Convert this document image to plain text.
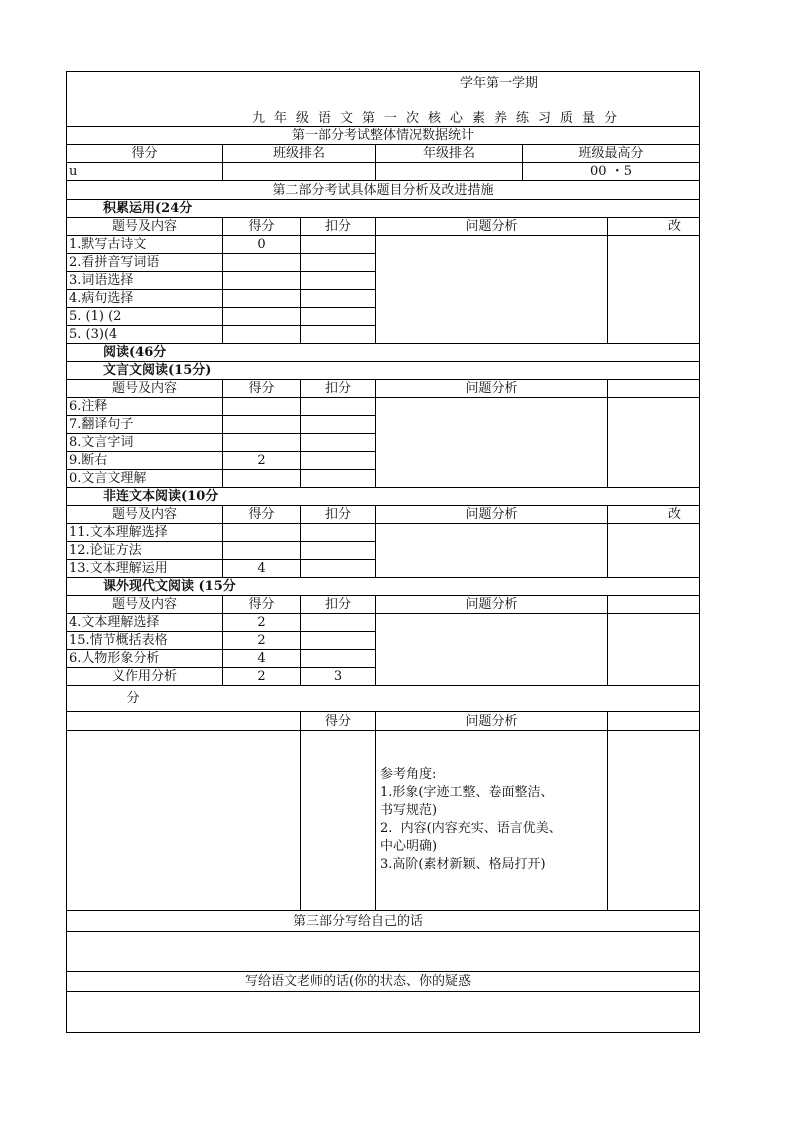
写给语文老师的话(你的状态、你的疑惑
第三部分写给自己的话
问题分析
得分
分
3
2
义作用分析
4
6.人物形象分析
2
15.情节概括表格
2
4.文本理解选择
问题分析
扣分
得分
题号及内容
课外现代文阅读 (15分
4
13.文本理解运用
12.论证方法
11.文本理解选择
改
问题分析
扣分
得分
题号及内容
非连文本阅读(10分
0.文言文理解
2
9.断右
8.文言字词
7.翻译句子
6.注释
问题分析
扣分
得分
题号及内容
文言文阅读(15分)
阅读(46分
5. (3)(4
5. (1) (2
4.病句选择
3.词语选择
2.看拼音写词语
0
1.默写古诗文
改
问题分析
扣分
得分
题号及内容
积累运用(24分
第二部分考试具体题目分析及改进措施
00 ・5
班级最高分
年级排名
班级排名
u
得分
第一部分考试整体情况数据统计
学年第一学期
九年级语文第一次核心素养练习质量分
参考角度:
1.形象(字迹工整、卷面整洁、
书写规范)
2.  内容(内容充实、语言优美、
中心明确)
3.高阶(素材新颖、格局打开)
